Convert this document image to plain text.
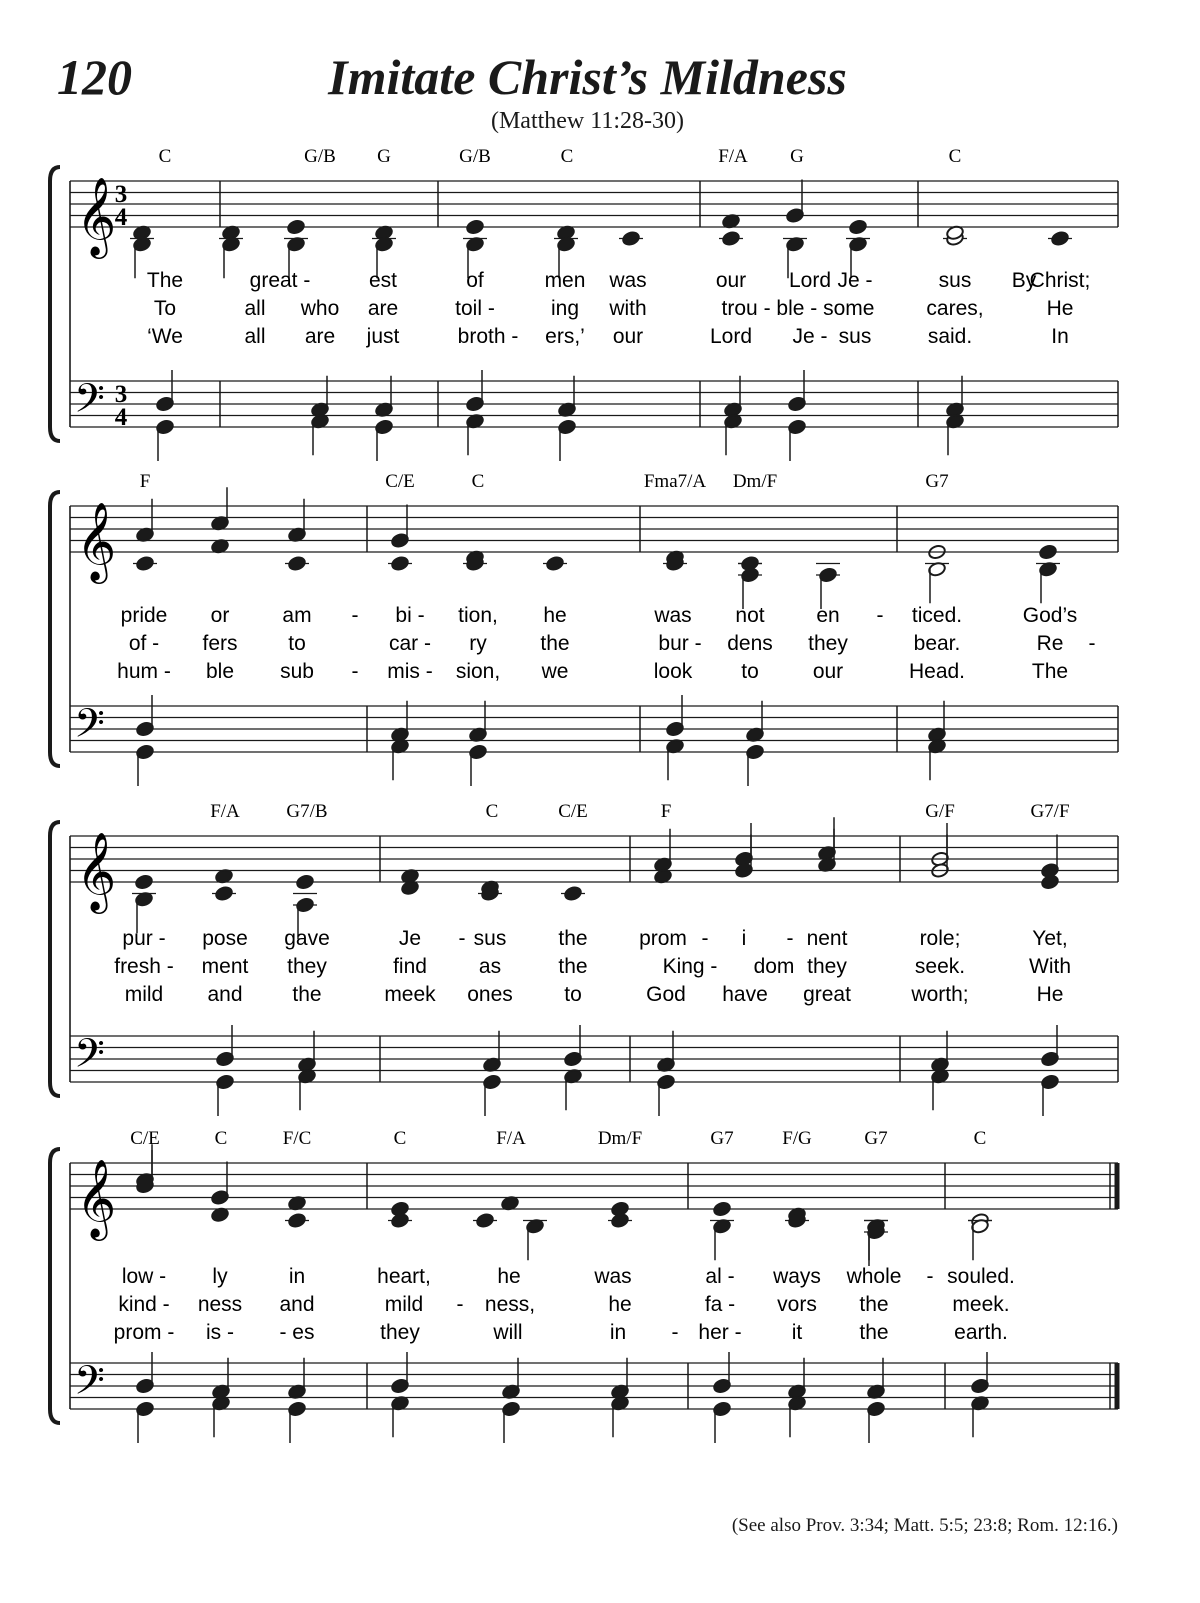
120	Imitate Christ’s Mildness
(Matthew 11:28-30)
𝄞
𝄢
3
4
3
4
C	G/B G	G/B	C	F/A G	C
The	great -	est	of	men was	our Lord Je -	sus	Christ;
By
To	all who are	toil -	ing with	trou - ble - some cares,	He
‘We	all are just	broth - ers,’ our	Lord Je - sus	said.	In
𝄞
𝄢
F	C/E	C	Fma7/A Dm/F	G7
pride or	am - bi - tion, he	was not en - ticed.	God’s
of - fers to	car - ry	the	bur - dens they	bear.	Re -
hum - ble sub - mis - sion, we	look to	our	Head.	The
𝄞
𝄢
F/A G7/B	C	C/E	F	G/F	G7/F
pur - pose gave	Je - sus the prom - i - nent	role;	Yet,
fresh - ment they	find as	the	King - dom they	seek.	With
mild and the	meek ones to	God have great	worth;	He
𝄞
𝄢
C/E	C	F/C	C	F/A	Dm/F	G7	F/G	G7	C
low - ly	in	heart,	he	was	al - ways whole - souled.
kind - ness and	mild - ness,	he	fa - vors the	meek.
prom - is - - es	they	will	in - her - it	the	earth.
(See also Prov. 3:34; Matt. 5:5; 23:8; Rom. 12:16.)
